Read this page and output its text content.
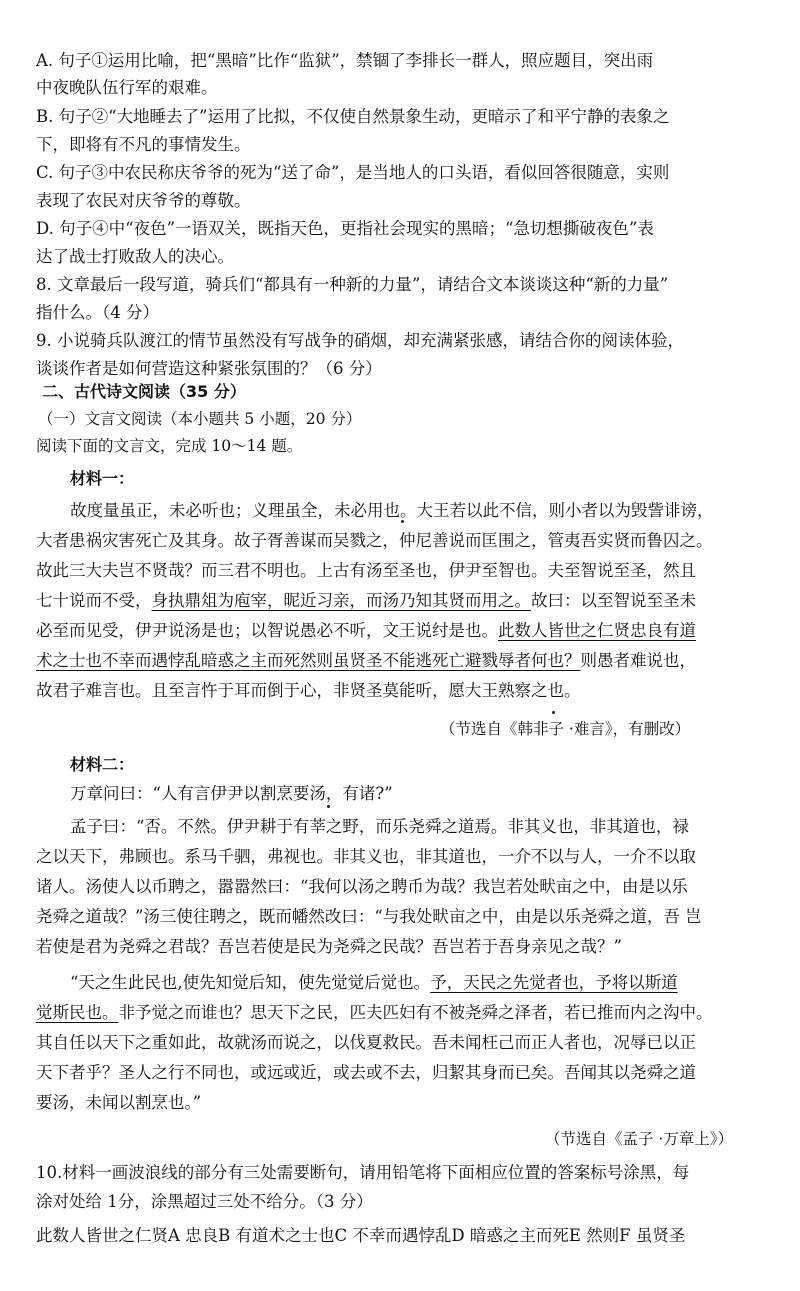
A. 句子①运用比喻，把“黑暗”比作“监狱”，禁锢了李排长一群人，照应题目，突出雨
中夜晚队伍行军的艰难。
B. 句子②“大地睡去了”运用了比拟，不仅使自然景象生动，更暗示了和平宁静的表象之
下，即将有不凡的事情发生。
C. 句子③中农民称庆爷爷的死为“送了命”，是当地人的口头语，看似回答很随意，实则
表现了农民对庆爷爷的尊敬。
D. 句子④中“夜色”一语双关，既指天色，更指社会现实的黑暗；“急切想撕破夜色”表
达了战士打败敌人的决心。
8. 文章最后一段写道，骑兵们“都具有一种新的力量”，请结合文本谈谈这种“新的力量”
指什么。（4 分）
9. 小说骑兵队渡江的情节虽然没有写战争的硝烟，却充满紧张感，请结合你的阅读体验，
谈谈作者是如何营造这种紧张氛围的？（6 分）
二、古代诗文阅读（35 分）
（一）文言文阅读（本小题共 5 小题，20 分）
阅读下面的文言文，完成 10～14 题。
材料一：
故度量虽正，未必听也；义理虽全，未必用也。大王若以此不信，则小者以为毁訾诽谤，
大者患祸灾害死亡及其身。故子胥善谋而吴戮之，仲尼善说而匡围之，管夷吾实贤而鲁囚之。
故此三大夫岂不贤哉？而三君不明也。上古有汤至圣也，伊尹至智也。夫至智说至圣，然且
七十说而不受，身执鼎俎为庖宰，昵近习亲，而汤乃知其贤而用之。故曰：以至智说至圣未
必至而见受，伊尹说汤是也；以智说愚必不听，文王说纣是也。此数人皆世之仁贤忠良有道
术之士也不幸而遇悖乱暗惑之主而死然则虽贤圣不能逃死亡避戮辱者何也？则愚者难说也，
故君子难言也。且至言忤于耳而倒于心，非贤圣莫能听，愿大王熟察之也。
（节选自《韩非子 ·难言》，有删改）
材料二：
万章问曰：“人有言伊尹以割烹要汤，有诸?”
孟子曰：“否。不然。伊尹耕于有莘之野，而乐尧舜之道焉。非其义也，非其道也，禄
之以天下，弗顾也。系马千驷，弗视也。非其义也，非其道也，一介不以与人，一介不以取
诸人。汤使人以币聘之，嚣嚣然曰：“我何以汤之聘币为哉？我岂若处畎亩之中，由是以乐
尧舜之道哉？”汤三使往聘之，既而幡然改曰：“与我处畎亩之中，由是以乐尧舜之道，吾 岂
若使是君为尧舜之君哉？吾岂若使是民为尧舜之民哉？吾岂若于吾身亲见之哉？”
“天之生此民也,使先知觉后知，使先觉觉后觉也。予，天民之先觉者也，予将以斯道
觉斯民也。非予觉之而谁也？思天下之民，匹夫匹妇有不被尧舜之泽者，若已推而内之沟中。
其自任以天下之重如此，故就汤而说之，以伐夏救民。吾未闻枉己而正人者也，况辱已以正
天下者乎？圣人之行不同也，或远或近，或去或不去，归絜其身而已矣。吾闻其以尧舜之道
要汤，未闻以割烹也。”
（节选自《孟子 ·万章上》）
10.材料一画波浪线的部分有三处需要断句，请用铅笔将下面相应位置的答案标号涂黑，每
涂对处给 1分，涂黑超过三处不给分。（3 分）
此数人皆世之仁贤A 忠良B 有道术之士也C 不幸而遇悖乱D 暗惑之主而死E 然则F 虽贤圣
